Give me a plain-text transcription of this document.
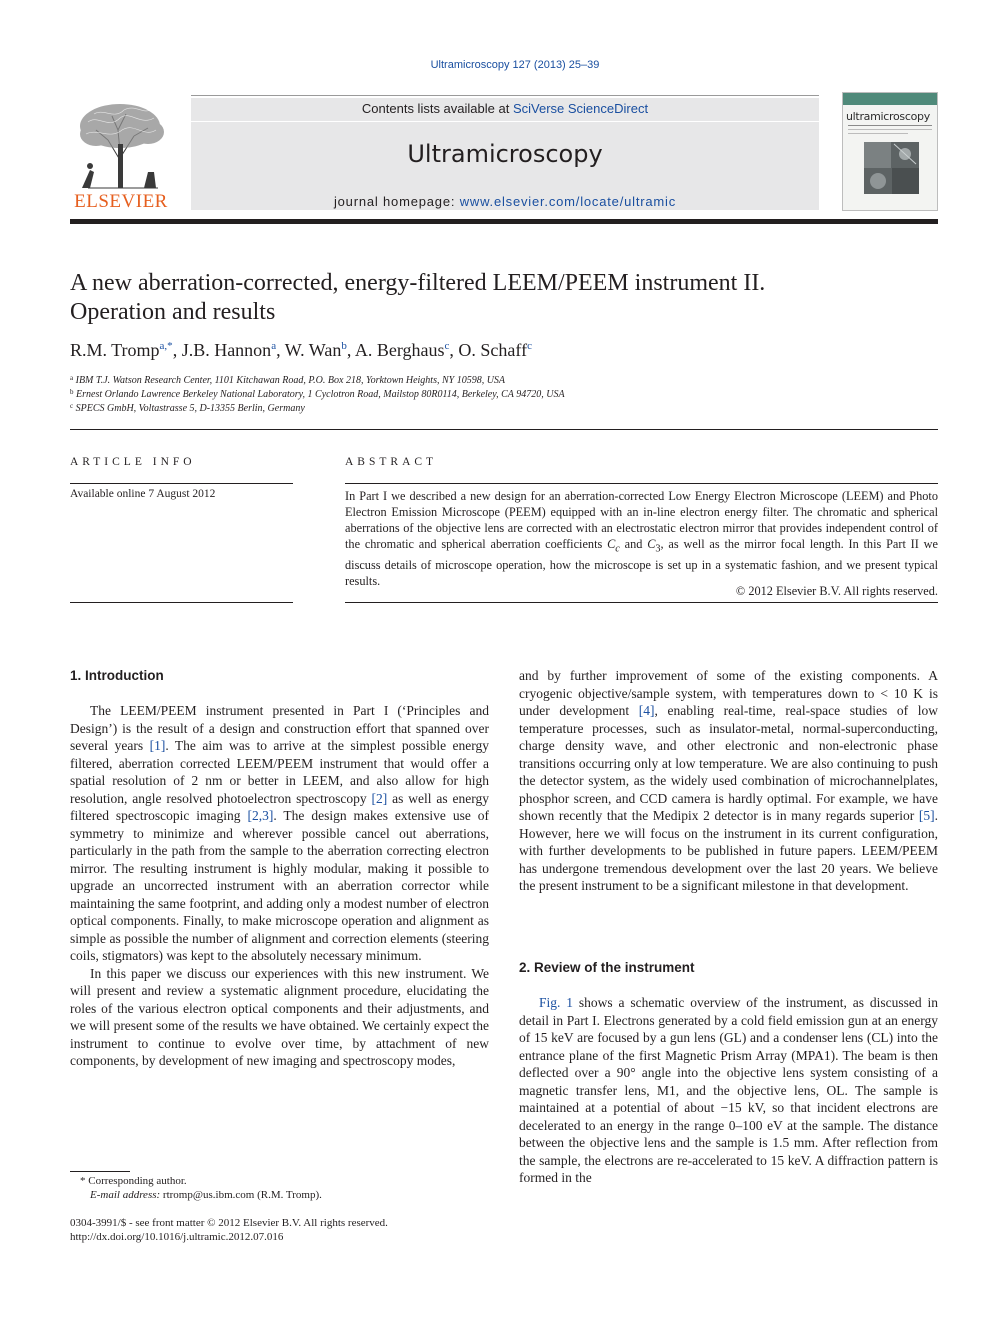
Ultramicroscopy 127 (2013) 25–39
ELSEVIER
Contents lists available at SciVerse ScienceDirect
Ultramicroscopy
journal homepage: www.elsevier.com/locate/ultramic
ultramicroscopy
A new aberration-corrected, energy-filtered LEEM/PEEM instrument II.
Operation and results
R.M. Tromp$^{a,*}$, J.B. Hannon$^a$, W. Wan$^b$, A. Berghaus$^c$, O. Schaff$^c$
$^a$ IBM T.J. Watson Research Center, 1101 Kitchawan Road, P.O. Box 218, Yorktown Heights, NY 10598, USA
$^b$ Ernest Orlando Lawrence Berkeley National Laboratory, 1 Cyclotron Road, Mailstop 80R0114, Berkeley, CA 94720, USA
$^c$ SPECS GmbH, Voltastrasse 5, D-13355 Berlin, Germany
ARTICLE INFO
Available online 7 August 2012
ABSTRACT
In Part I we described a new design for an aberration-corrected Low Energy Electron Microscope (LEEM) and Photo Electron Emission Microscope (PEEM) equipped with an in-line electron energy filter. The chromatic and spherical aberrations of the objective lens are corrected with an electrostatic electron mirror that provides independent control of the chromatic and spherical aberration coefficients $C_c$ and $C_3$, as well as the mirror focal length. In this Part II we discuss details of microscope operation, how the microscope is set up in a systematic fashion, and we present typical results.
© 2012 Elsevier B.V. All rights reserved.
1. Introduction

The LEEM/PEEM instrument presented in Part I (‘Principles and Design’) is the result of a design and construction effort that spanned over several years [1]. The aim was to arrive at the simplest possible energy filtered, aberration corrected LEEM/PEEM instrument that would offer a spatial resolution of 2 nm or better in LEEM, and also allow for high resolution, angle resolved photoelectron spectroscopy [2] as well as energy filtered spectroscopic imaging [2,3]. The design makes extensive use of symmetry to minimize and wherever possible cancel out aberrations, particularly in the path from the sample to the aberration correcting electron mirror. The resulting instrument is highly modular, making it possible to upgrade an uncorrected instrument with an aberration corrector while maintaining the same footprint, and adding only a modest number of electron optical components. Finally, to make microscope operation and alignment as simple as possible the number of alignment and correction elements (steering coils, stigmators) was kept to the absolutely necessary minimum.

In this paper we discuss our experiences with this new instrument. We will present and review a systematic alignment procedure, elucidating the roles of the various electron optical components and their adjustments, and we will present some of the results we have obtained. We certainly expect the instrument to continue to evolve over time, by attachment of new components, by development of new imaging and spectroscopy modes,

and by further improvement of some of the existing components. A cryogenic objective/sample system, with temperatures down to < 10 K is under development [4], enabling real-time, real-space studies of low temperature processes, such as insulator-metal, normal-superconducting, charge density wave, and other electronic and non-electronic phase transitions occurring only at low temperature. We are also continuing to push the detector system, as the widely used combination of microchannelplates, phosphor screen, and CCD camera is hardly optimal. For example, we have shown recently that the Medipix 2 detector is in many regards superior [5]. However, here we will focus on the instrument in its current configuration, with further developments to be published in future papers. LEEM/PEEM has undergone tremendous development over the last 20 years. We believe the present instrument to be a significant milestone in that development.

2. Review of the instrument

Fig. 1 shows a schematic overview of the instrument, as discussed in detail in Part I. Electrons generated by a cold field emission gun at an energy of 15 keV are focused by a gun lens (GL) and a condenser lens (CL) into the entrance plane of the first Magnetic Prism Array (MPA1). The beam is then deflected over a 90° angle into the objective lens system consisting of a magnetic transfer lens, M1, and the objective lens, OL. The sample is maintained at a potential of about −15 kV, so that incident electrons are decelerated to an energy in the range 0–100 eV at the sample. The distance between the objective lens and the sample is 1.5 mm. After reflection from the sample, the electrons are re-accelerated to 15 keV. A diffraction pattern is formed in the

* Corresponding author.
E-mail address: rtromp@us.ibm.com (R.M. Tromp).
0304-3991/$ - see front matter © 2012 Elsevier B.V. All rights reserved.
http://dx.doi.org/10.1016/j.ultramic.2012.07.016
